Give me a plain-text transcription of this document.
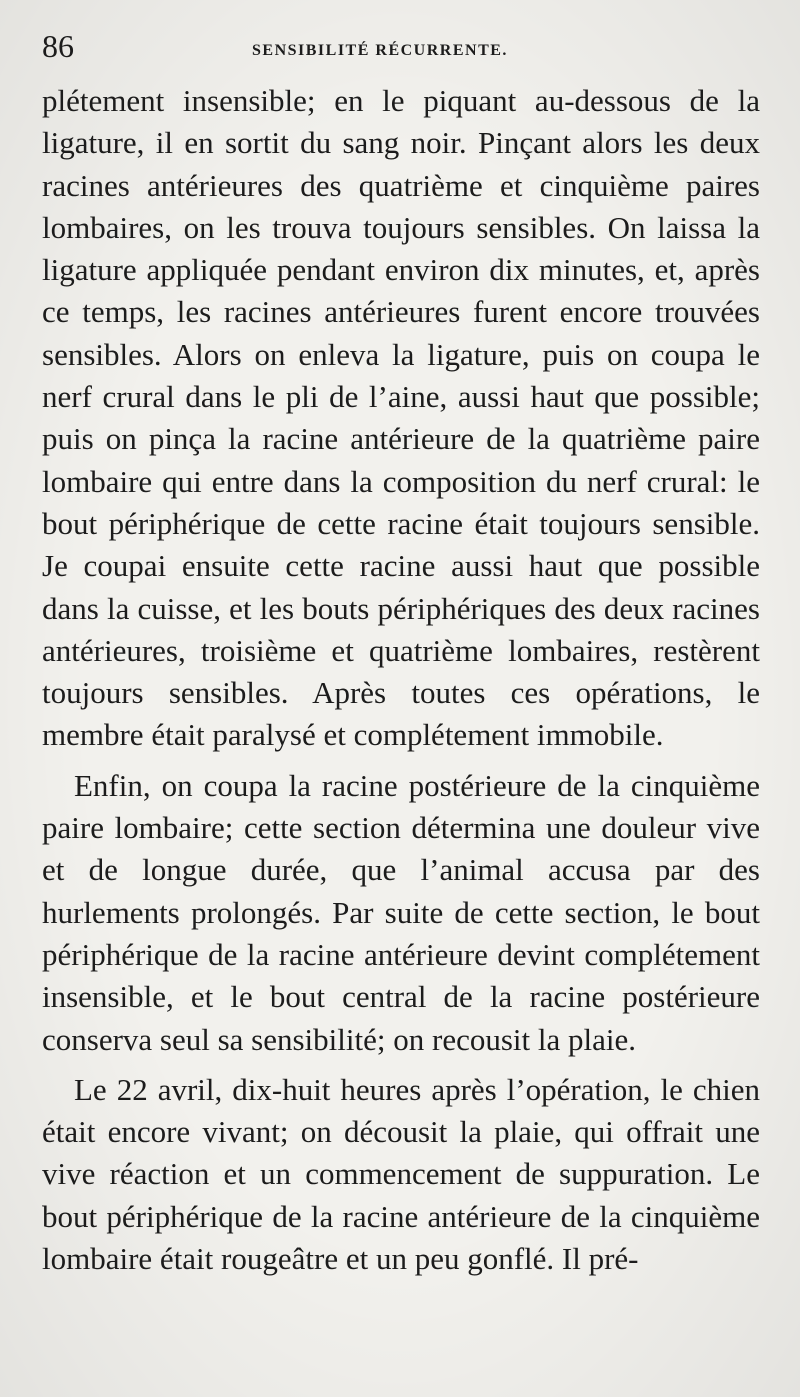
86	SENSIBILITÉ RÉCURRENTE.

plétement insensible; en le piquant au-dessous de la ligature, il en sortit du sang noir. Pinçant alors les deux racines antérieures des quatrième et cinquième paires lombaires, on les trouva toujours sensibles. On laissa la ligature appliquée pendant environ dix minutes, et, après ce temps, les racines antérieures furent encore trouvées sensibles. Alors on enleva la ligature, puis on coupa le nerf crural dans le pli de l’aine, aussi haut que possible; puis on pinça la racine antérieure de la quatrième paire lombaire qui entre dans la composition du nerf crural: le bout périphérique de cette racine était toujours sensible. Je coupai ensuite cette racine aussi haut que possible dans la cuisse, et les bouts périphériques des deux racines antérieures, troisième et quatrième lombaires, restèrent toujours sensibles. Après toutes ces opérations, le membre était paralysé et complétement immobile.

Enfin, on coupa la racine postérieure de la cinquième paire lombaire; cette section détermina une douleur vive et de longue durée, que l’animal accusa par des hurlements prolongés. Par suite de cette section, le bout périphérique de la racine antérieure devint complétement insensible, et le bout central de la racine postérieure conserva seul sa sensibilité; on recousit la plaie.

Le 22 avril, dix-huit heures après l’opération, le chien était encore vivant; on décousit la plaie, qui offrait une vive réaction et un commencement de suppuration. Le bout périphérique de la racine antérieure de la cinquième lombaire était rougeâtre et un peu gonflé. Il pré-
